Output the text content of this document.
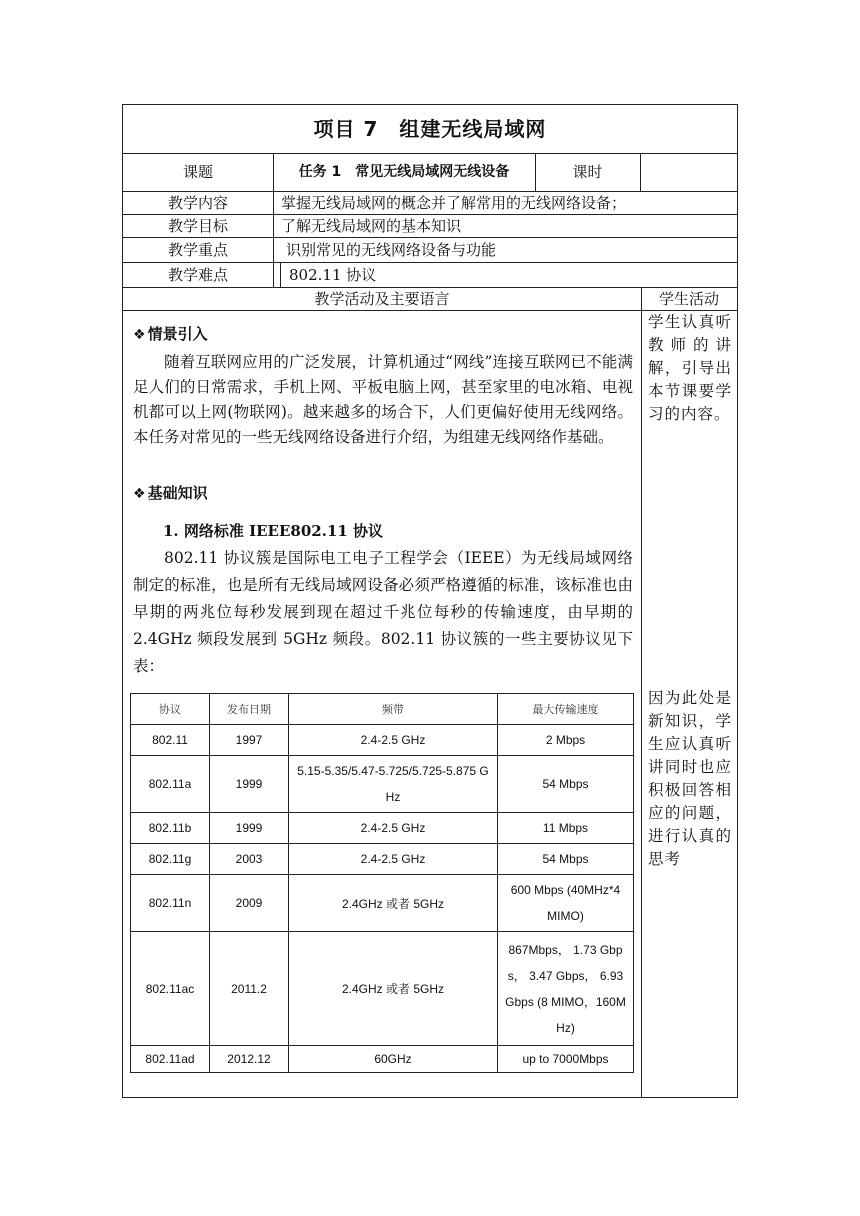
项目 7　组建无线局域网
课题	任务 1　常见无线局域网无线设备	课时
教学内容	掌握无线局域网的概念并了解常用的无线网络设备；
教学目标	了解无线局域网的基本知识
教学重点	识别常见的无线网络设备与功能
教学难点	802.11 协议
教学活动及主要语言	学生活动
❖ 情景引入
随着互联网应用的广泛发展，计算机通过“网线”连接互联网已不能满足人们的日常需求，手机上网、平板电脑上网，甚至家里的电冰箱、电视机都可以上网(物联网)。越来越多的场合下，人们更偏好使用无线网络。本任务对常见的一些无线网络设备进行介绍，为组建无线网络作基础。
❖ 基础知识
1. 网络标准 IEEE802.11 协议
802.11 协议簇是国际电工电子工程学会（IEEE）为无线局域网络制定的标准，也是所有无线局域网设备必须严格遵循的标准，该标准也由早期的两兆位每秒发展到现在超过千兆位每秒的传输速度，由早期的 2.4GHz 频段发展到 5GHz 频段。802.11 协议簇的一些主要协议见下表：
学生认真听教师的讲解，引导出本节课要学习的内容。
因为此处是新知识，学生应认真听讲同时也应积极回答相应的问题，进行认真的思考
协议	发布日期	频带	最大传输速度
802.11	1997	2.4-2.5 GHz	2 Mbps
802.11a	1999	5.15-5.35/5.47-5.725/5.725-5.875 GHz	54 Mbps
802.11b	1999	2.4-2.5 GHz	11 Mbps
802.11g	2003	2.4-2.5 GHz	54 Mbps
802.11n	2009	2.4GHz 或者 5GHz	600 Mbps (40MHz*4 MIMO)
802.11ac	2011.2	2.4GHz 或者 5GHz	867Mbps， 1.73 Gbps， 3.47 Gbps， 6.93 Gbps (8 MIMO，160MHz)
802.11ad	2012.12	60GHz	up to 7000Mbps
